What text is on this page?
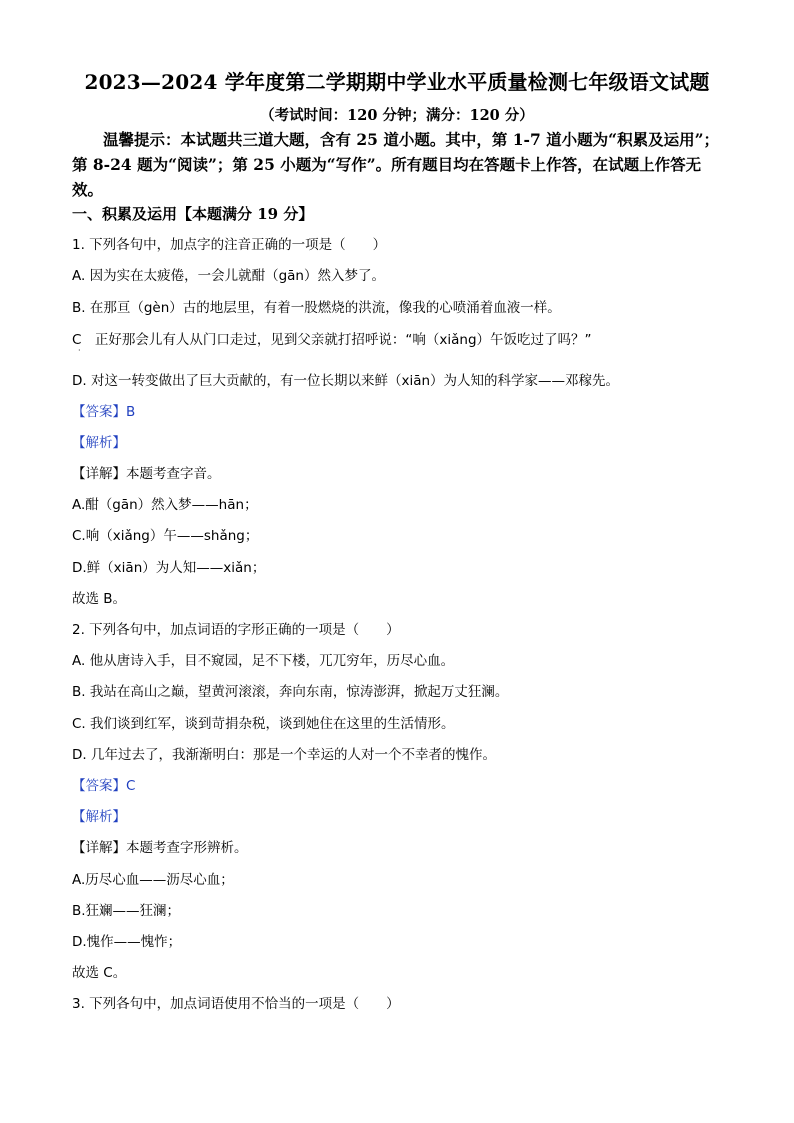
2023—2024 学年度第二学期期中学业水平质量检测七年级语文试题
（考试时间：120 分钟；满分：120 分）
温馨提示：本试题共三道大题，含有 25 道小题。其中，第 1-7 道小题为“积累及运用”；第 8-24 题为“阅读”；第 25 小题为“写作”。所有题目均在答题卡上作答，在试题上作答无效。
一、积累及运用【本题满分 19 分】
1. 下列各句中，加点字的注音正确的一项是（　　）
A. 因为实在太疲倦，一会儿就酣（gān）然入梦了。
B. 在那亘（gèn）古的地层里，有着一股燃烧的洪流，像我的心喷涌着血液一样。
C　正好那会儿有人从门口走过，见到父亲就打招呼说：“响（xiǎng）午饭吃过了吗？”
·
D. 对这一转变做出了巨大贡献的，有一位长期以来鲜（xiān）为人知的科学家——邓稼先。
【答案】B
【解析】
【详解】本题考查字音。
A.酣（gān）然入梦——hān；
C.响（xiǎng）午——shǎng；
D.鲜（xiān）为人知——xiǎn；
故选 B。
2. 下列各句中，加点词语的字形正确的一项是（　　）
A. 他从唐诗入手，目不窥园，足不下楼，兀兀穷年，历尽心血。
B. 我站在高山之巅，望黄河滚滚，奔向东南，惊涛澎湃，掀起万丈狂澜。
C. 我们谈到红军，谈到苛捐杂税，谈到她住在这里的生活情形。
D. 几年过去了，我渐渐明白：那是一个幸运的人对一个不幸者的愧作。
【答案】C
【解析】
【详解】本题考查字形辨析。
A.历尽心血——沥尽心血；
B.狂斓——狂澜；
D.愧作——愧怍；
故选 C。
3. 下列各句中，加点词语使用不恰当的一项是（　　）
